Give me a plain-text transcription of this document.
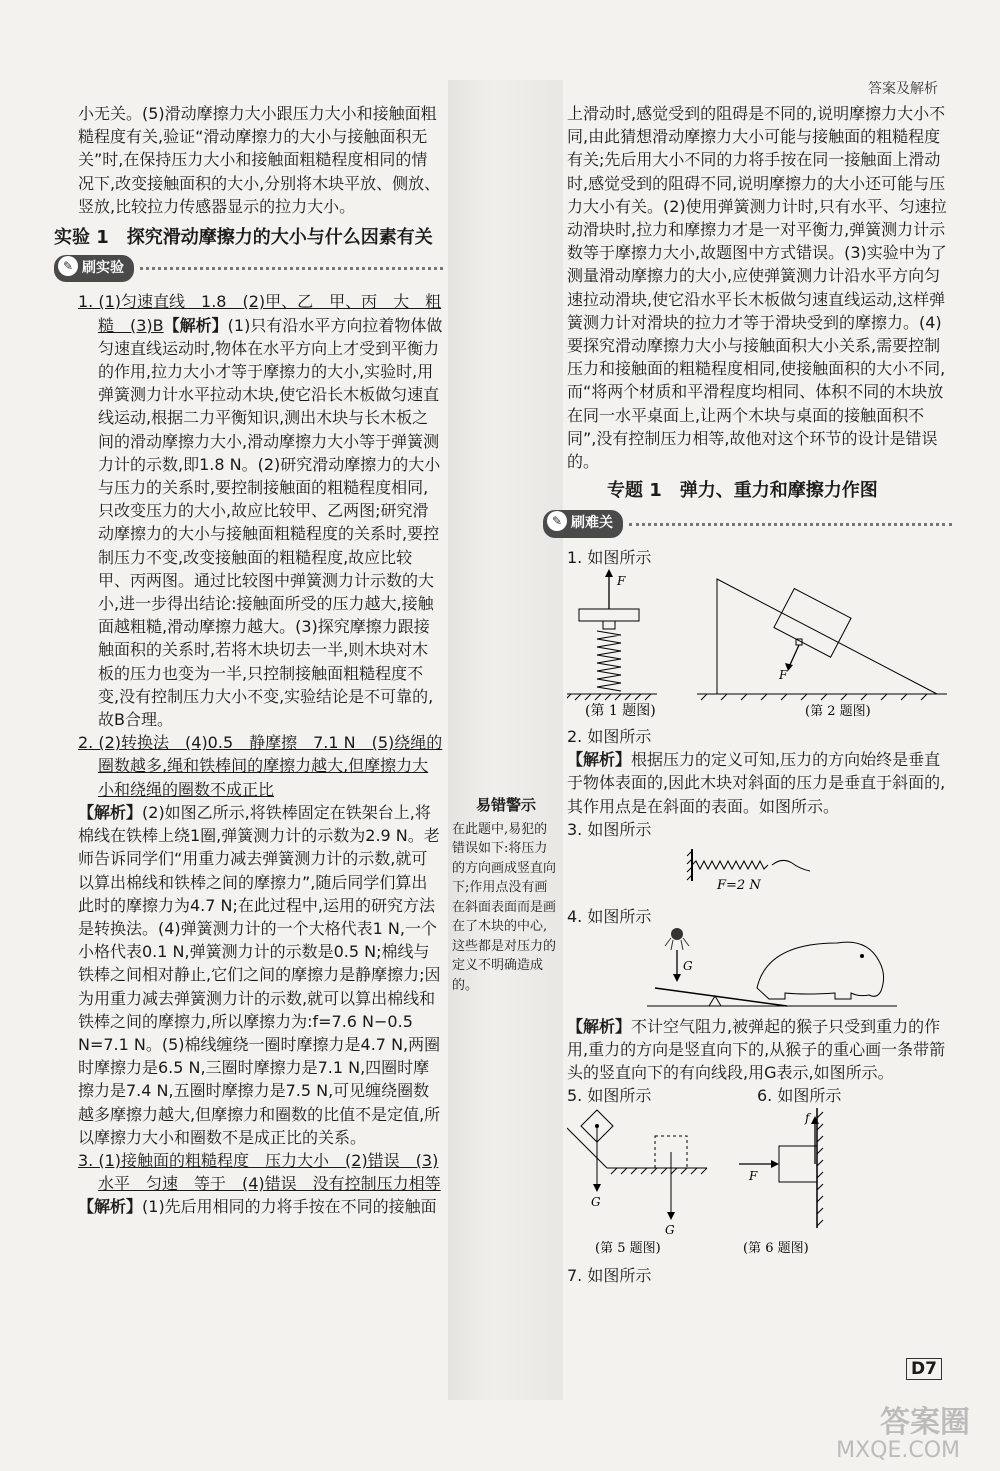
答案及解析

小无关。(5)滑动摩擦力大小跟压力大小和接触面粗糙程度有关,验证“滑动摩擦力的大小与接触面积无关”时,在保持压力大小和接触面粗糙程度相同的情况下,改变接触面积的大小,分别将木块平放、侧放、竖放,比较拉力传感器显示的拉力大小。

实验 1　探究滑动摩擦力的大小与什么因素有关
✎ 刷实验

1. (1)匀速直线　1.8　(2)甲、乙　甲、丙　大　粗糙　(3)B【解析】(1)只有沿水平方向拉着物体做匀速直线运动时,物体在水平方向上才受到平衡力的作用,拉力大小才等于摩擦力的大小,实验时,用弹簧测力计水平拉动木块,使它沿长木板做匀速直线运动,根据二力平衡知识,测出木块与长木板之间的滑动摩擦力大小,滑动摩擦力大小等于弹簧测力计的示数,即1.8 N。(2)研究滑动摩擦力的大小与压力的关系时,要控制接触面的粗糙程度相同,只改变压力的大小,故应比较甲、乙两图;研究滑动摩擦力的大小与接触面粗糙程度的关系时,要控制压力不变,改变接触面的粗糙程度,故应比较甲、丙两图。通过比较图中弹簧测力计示数的大小,进一步得出结论:接触面所受的压力越大,接触面越粗糙,滑动摩擦力越大。(3)探究摩擦力跟接触面积的关系时,若将木块切去一半,则木块对木板的压力也变为一半,只控制接触面粗糙程度不变,没有控制压力大小不变,实验结论是不可靠的,故B合理。

2. (2)转换法　(4)0.5　静摩擦　7.1 N　(5)绕绳的圈数越多,绳和铁棒间的摩擦力越大,但摩擦力大小和绕绳的圈数不成正比

【解析】(2)如图乙所示,将铁棒固定在铁架台上,将棉线在铁棒上绕1圈,弹簧测力计的示数为2.9 N。老师告诉同学们“用重力减去弹簧测力计的示数,就可以算出棉线和铁棒之间的摩擦力”,随后同学们算出此时的摩擦力为4.7 N;在此过程中,运用的研究方法是转换法。(4)弹簧测力计的一个大格代表1 N,一个小格代表0.1 N,弹簧测力计的示数是0.5 N;棉线与铁棒之间相对静止,它们之间的摩擦力是静摩擦力;因为用重力减去弹簧测力计的示数,就可以算出棉线和铁棒之间的摩擦力,所以摩擦力为:f=7.6 N−0.5 N=7.1 N。(5)棉线缠绕一圈时摩擦力是4.7 N,两圈时摩擦力是6.5 N,三圈时摩擦力是7.1 N,四圈时摩擦力是7.4 N,五圈时摩擦力是7.5 N,可见缠绕圈数越多摩擦力越大,但摩擦力和圈数的比值不是定值,所以摩擦力大小和圈数不是成正比的关系。

3. (1)接触面的粗糙程度　压力大小　(2)错误　(3)水平　匀速　等于　(4)错误　没有控制压力相等

【解析】(1)先后用相同的力将手按在不同的接触面

易错警示
在此题中,易犯的错误如下:将压力的方向画成竖直向下;作用点没有画在斜面表面而是画在了木块的中心,这些都是对压力的定义不明确造成的。

上滑动时,感觉受到的阻碍是不同的,说明摩擦力大小不同,由此猜想滑动摩擦力大小可能与接触面的粗糙程度有关;先后用大小不同的力将手按在同一接触面上滑动时,感觉受到的阻碍不同,说明摩擦力的大小还可能与压力大小有关。(2)使用弹簧测力计时,只有水平、匀速拉动滑块时,拉力和摩擦力才是一对平衡力,弹簧测力计示数等于摩擦力大小,故题图中方式错误。(3)实验中为了测量滑动摩擦力的大小,应使弹簧测力计沿水平方向匀速拉动滑块,使它沿水平长木板做匀速直线运动,这样弹簧测力计对滑块的拉力才等于滑块受到的摩擦力。(4)要探究滑动摩擦力大小与接触面积大小关系,需要控制压力和接触面的粗糙程度相同,使接触面积的大小不同,而“将两个材质和平滑程度均相同、体积不同的木块放在同一水平桌面上,让两个木块与桌面的接触面积不同”,没有控制压力相等,故他对这个环节的设计是错误的。

专题 1　弹力、重力和摩擦力作图
✎ 刷难关

1. 如图所示

F
(第 1 题图)
F
(第 2 题图)

2. 如图所示

【解析】根据压力的定义可知,压力的方向始终是垂直于物体表面的,因此木块对斜面的压力是垂直于斜面的,其作用点是在斜面的表面。如图所示。

3. 如图所示

F=2 N

4. 如图所示

G

【解析】不计空气阻力,被弹起的猴子只受到重力的作用,重力的方向是竖直向下的,从猴子的重心画一条带箭头的竖直向下的有向线段,用G表示,如图所示。

5. 如图所示	6. 如图所示
G
G
(第 5 题图)
F
f
(第 6 题图)

7. 如图所示

D7
答案圈
MXQE.COM
